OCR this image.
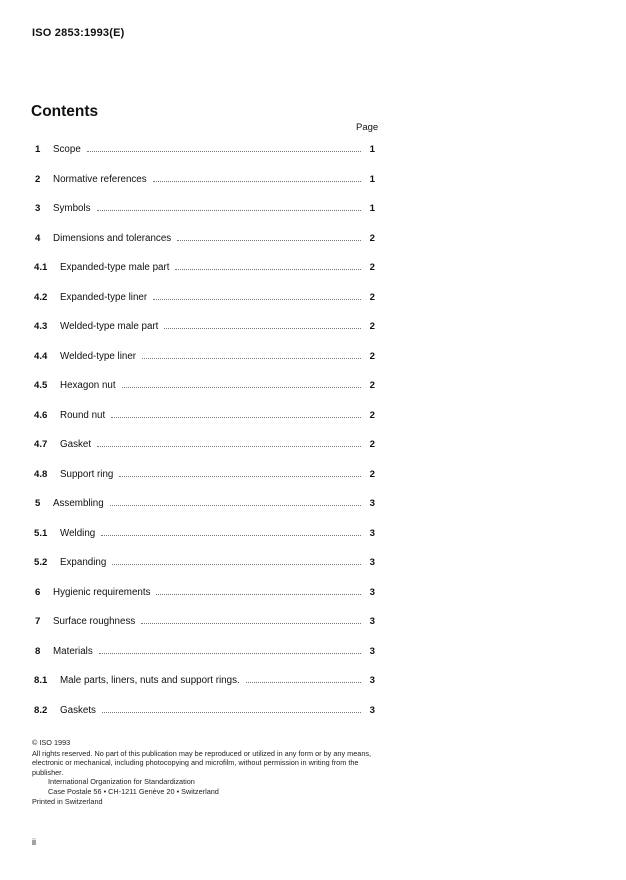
ISO 2853:1993(E)
Contents
Page
1 Scope	1
2 Normative references	1
3 Symbols	1
4 Dimensions and tolerances	2
4.1 Expanded-type male part	2
4.2 Expanded-type liner	2
4.3 Welded-type male part	2
4.4 Welded-type liner	2
4.5 Hexagon nut	2
4.6 Round nut	2
4.7 Gasket	2
4.8 Support ring	2
5 Assembling	3
5.1 Welding	3
5.2 Expanding	3
6 Hygienic requirements	3
7 Surface roughness	3
8 Materials	3
8.1 Male parts, liners, nuts and support rings.	3
8.2 Gaskets	3
© ISO 1993
All rights reserved. No part of this publication may be reproduced or utilized in any form or by any means, electronic or mechanical, including photocopying and microfilm, without permission in writing from the publisher.
International Organization for Standardization
Case Postale 56 • CH-1211 Genève 20 • Switzerland
Printed in Switzerland
ii
